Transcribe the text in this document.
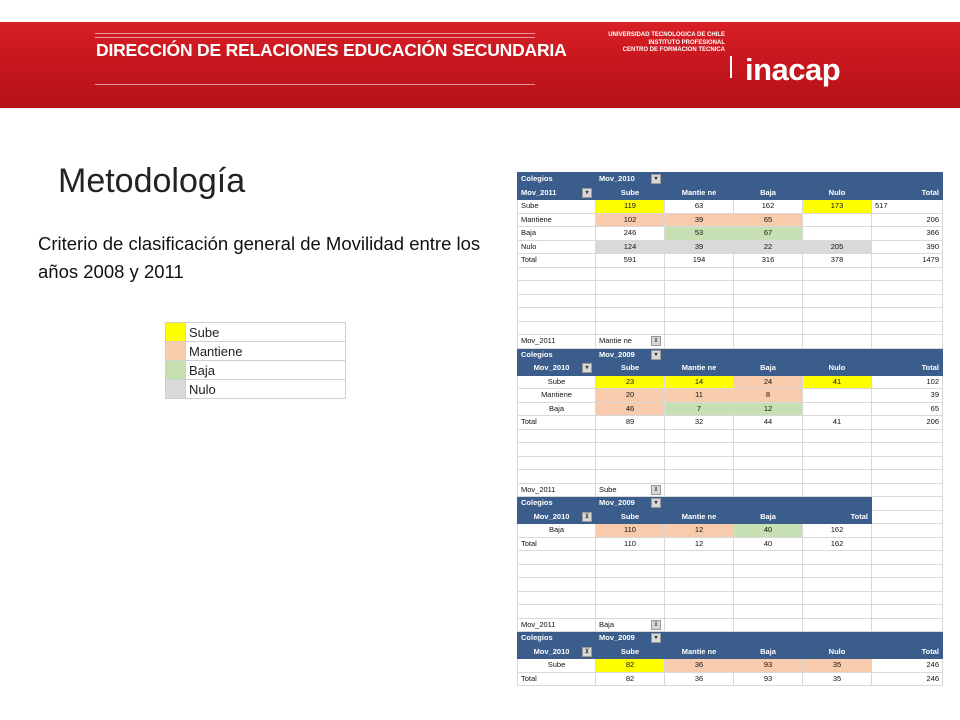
DIRECCIÓN DE RELACIONES EDUCACIÓN SECUNDARIA
UNIVERSIDAD TECNOLOGICA DE CHILE
INSTITUTO PROFESIONAL
CENTRO DE FORMACION TECNICA
inacap
Metodología
Criterio de clasificación general de Movilidad entre los años 2008 y 2011
	Sube
	Mantiene
	Baja
	Nulo
Colegios	Mov_2010 ▾				

Mov_2011 ▾	Sube	Mantie ne	Baja	Nulo	Total
Sube	119	63	162	173	517
Mantiene	102	39	65		206
Baja	246	53	67		366
Nulo	124	39	22	205	390
Total	591	194	316	378	1479

Mov_2011	Mantie ne ⊻				

Colegios	Mov_2009 ▾				

Mov_2010 ▾	Sube	Mantie ne	Baja	Nulo	Total
Sube	23	14	24	41	102
Mantiene	20	11	8		39
Baja	46	7	12		65
Total	89	32	44	41	206

Mov_2011	Sube ⊻				

Colegios	Mov_2009 ▾				

Mov_2010 ⊻	Sube	Mantie ne	Baja	Total	
Baja	110	12	40	162	
Total	110	12	40	162	

Mov_2011	Baja ⊻				

Colegios	Mov_2009 ▾				

Mov_2010 ⊻	Sube	Mantie ne	Baja	Nulo	Total
Sube	82	36	93	35	246
Total	82	36	93	35	246
